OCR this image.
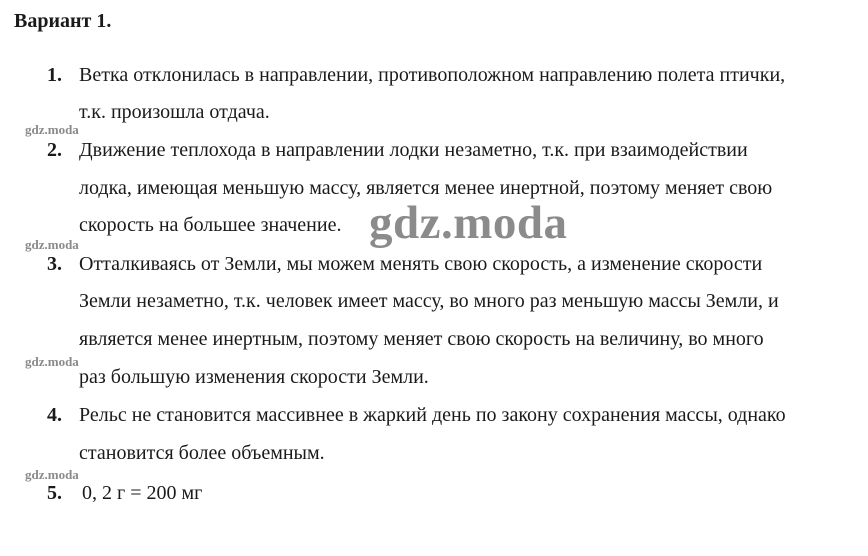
Вариант 1.
1. Ветка отклонилась в направлении, противоположном направлению полета птички,
т.к. произошла отдача.
2. Движение теплохода в направлении лодки незаметно, т.к. при взаимодействии
лодка, имеющая меньшую массу, является менее инертной, поэтому меняет свою
скорость на большее значение.
3. Отталкиваясь от Земли, мы можем менять свою скорость, а изменение скорости
Земли незаметно, т.к. человек имеет массу, во много раз меньшую массы Земли, и
является менее инертным, поэтому меняет свою скорость на величину, во много
раз большую изменения скорости Земли.
4. Рельс не становится массивнее в жаркий день по закону сохранения массы, однако
становится более объемным.
5. 0, 2 г = 200 мг
gdz.moda
gdz.moda
gdz.moda
gdz.moda
gdz.moda
